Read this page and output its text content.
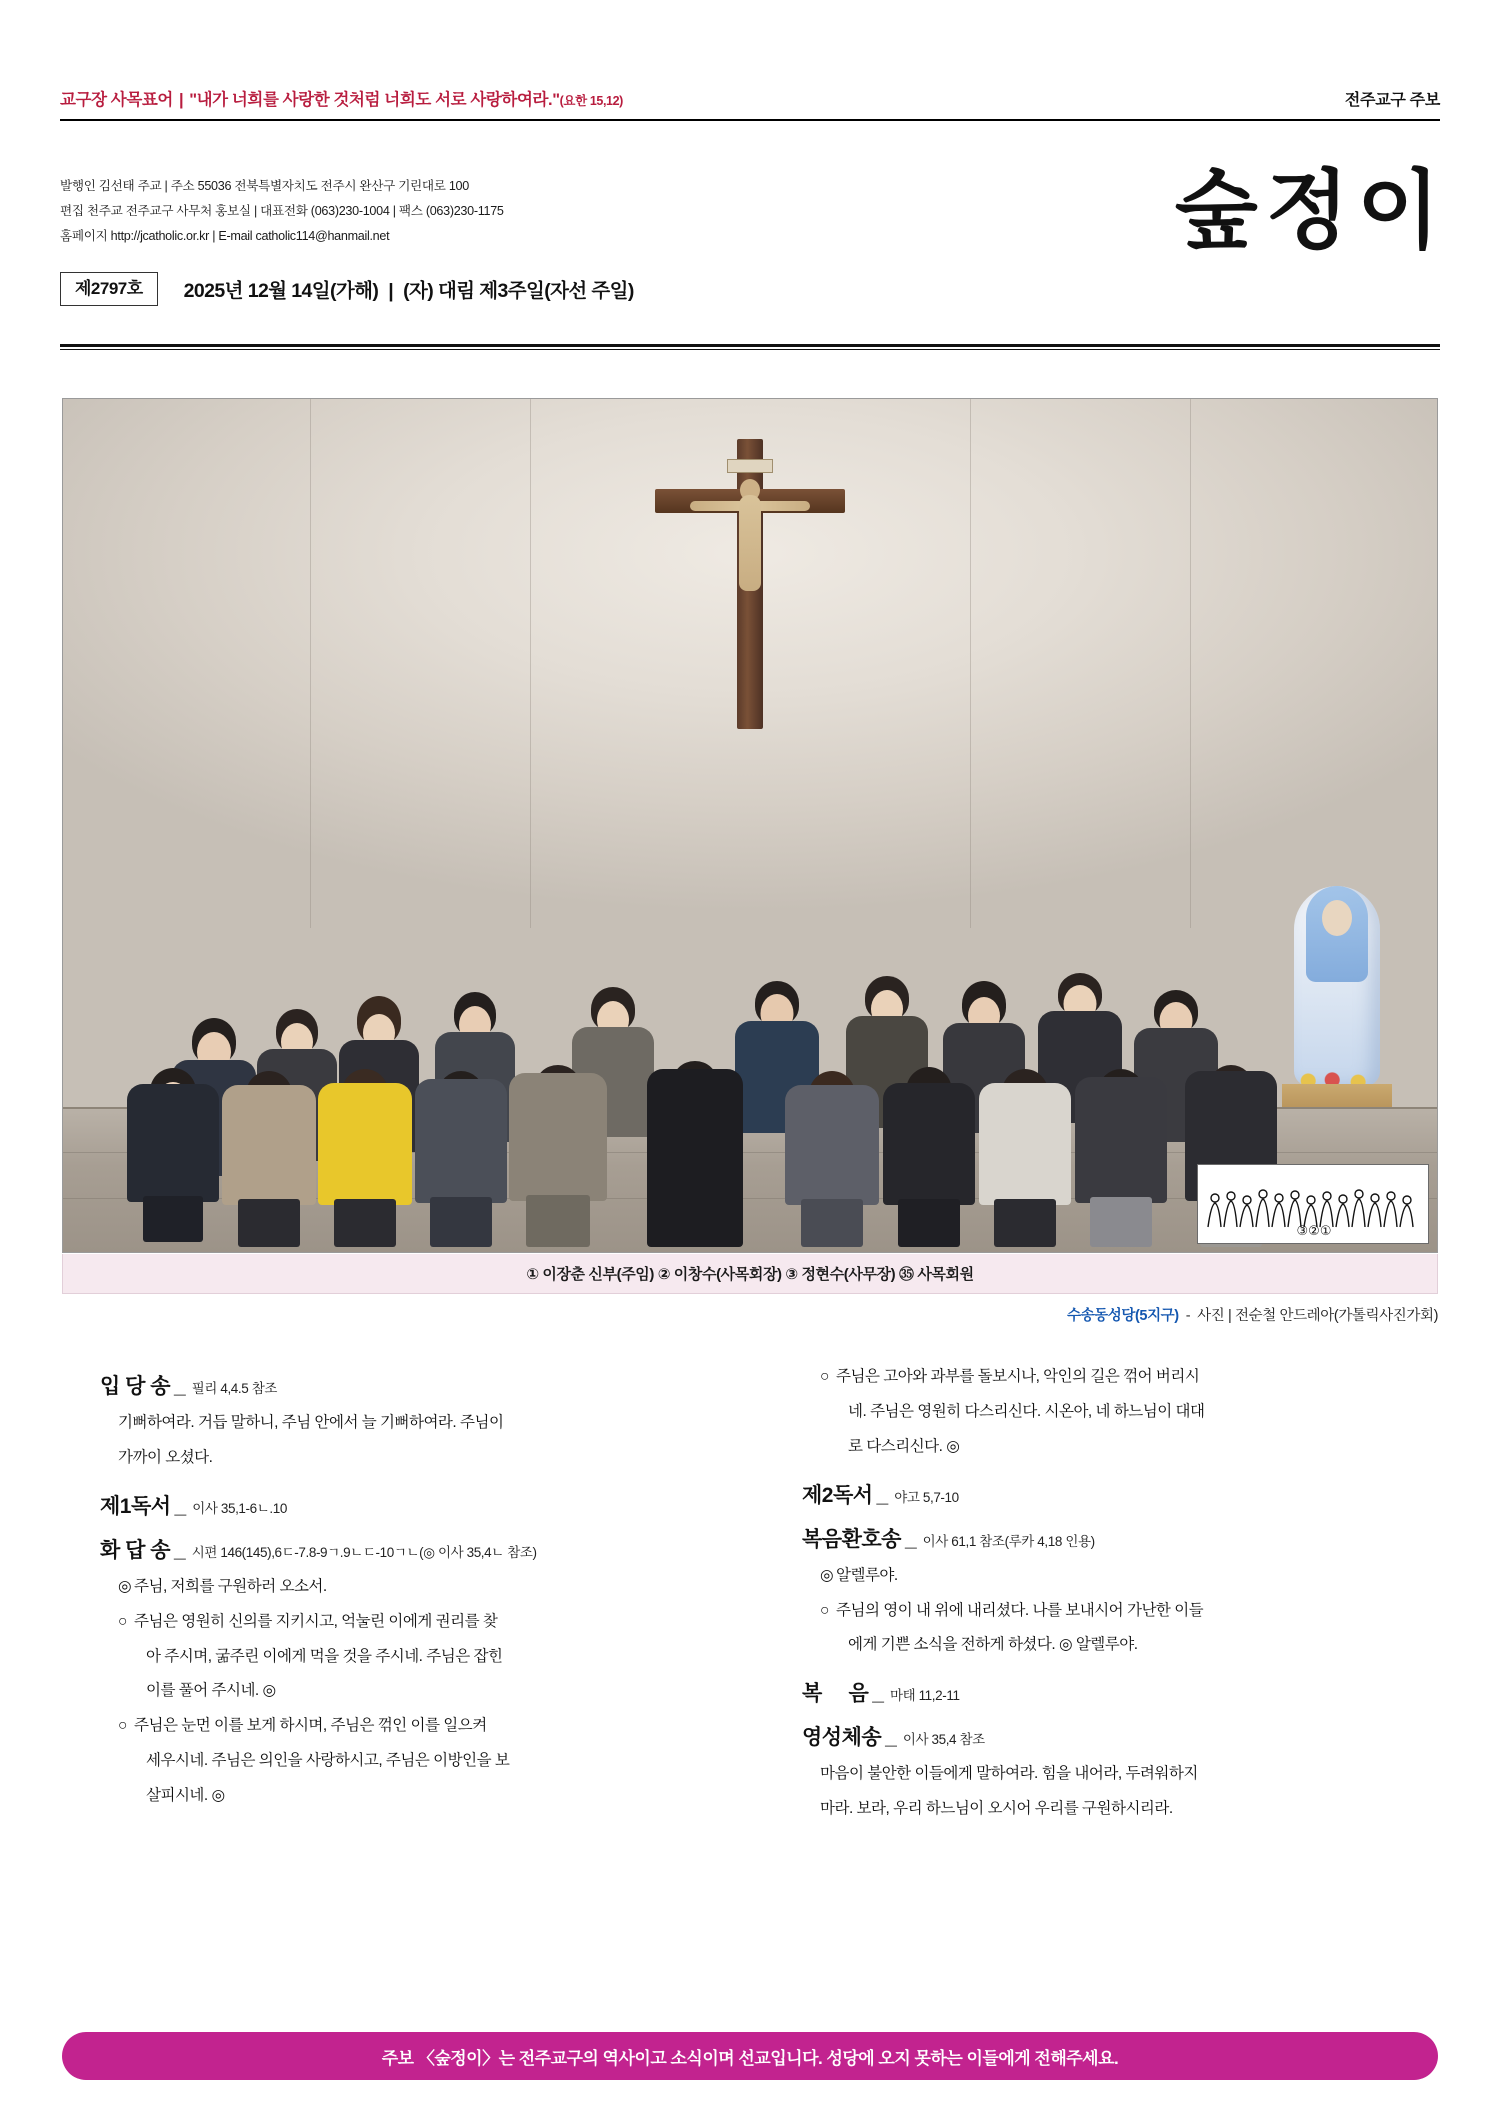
교구장 사목표어 | "내가 너희를 사랑한 것처럼 너희도 서로 사랑하여라."(요한 15,12)	전주교구 주보
발행인 김선태 주교 | 주소 55036 전북특별자치도 전주시 완산구 기린대로 100
편집 천주교 전주교구 사무처 홍보실 | 대표전화 (063)230-1004 | 팩스 (063)230-1175
홈페이지 http://jcatholic.or.kr | E-mail catholic114@hanmail.net	숲정이
제2797호	2025년 12월 14일(가해) | (자) 대림 제3주일(자선 주일)
③②①
① 이장춘 신부(주임) ② 이창수(사목회장) ③ 정현수(사무장) ㉟ 사목회원
수송동성당(5지구) - 사진 | 전순철 안드레아(가톨릭사진가회)
입 당 송 _ 필리 4,4.5 참조
기뻐하여라. 거듭 말하니, 주님 안에서 늘 기뻐하여라. 주님이
가까이 오셨다.
제1독서 _ 이사 35,1-6ㄴ.10
화 답 송 _ 시편 146(145),6ㄷ-7.8-9ㄱ.9ㄴㄷ-10ㄱㄴ(◎ 이사 35,4ㄴ 참조)
◎ 주님, 저희를 구원하러 오소서.
○ 주님은 영원히 신의를 지키시고, 억눌린 이에게 권리를 찾
아 주시며, 굶주린 이에게 먹을 것을 주시네. 주님은 잡힌
이를 풀어 주시네. ◎
○ 주님은 눈먼 이를 보게 하시며, 주님은 꺾인 이를 일으켜
세우시네. 주님은 의인을 사랑하시고, 주님은 이방인을 보
살피시네. ◎
○ 주님은 고아와 과부를 돌보시나, 악인의 길은 꺾어 버리시
네. 주님은 영원히 다스리신다. 시온아, 네 하느님이 대대
로 다스리신다. ◎
제2독서 _ 야고 5,7-10
복음환호송 _ 이사 61,1 참조(루카 4,18 인용)
◎ 알렐루야.
○ 주님의 영이 내 위에 내리셨다. 나를 보내시어 가난한 이들
에게 기쁜 소식을 전하게 하셨다. ◎ 알렐루야.
복     음 _ 마태 11,2-11
영성체송 _ 이사 35,4 참조
마음이 불안한 이들에게 말하여라. 힘을 내어라, 두려워하지
마라. 보라, 우리 하느님이 오시어 우리를 구원하시리라.
주보 〈숲정이〉는 전주교구의 역사이고 소식이며 선교입니다. 성당에 오지 못하는 이들에게 전해주세요.
